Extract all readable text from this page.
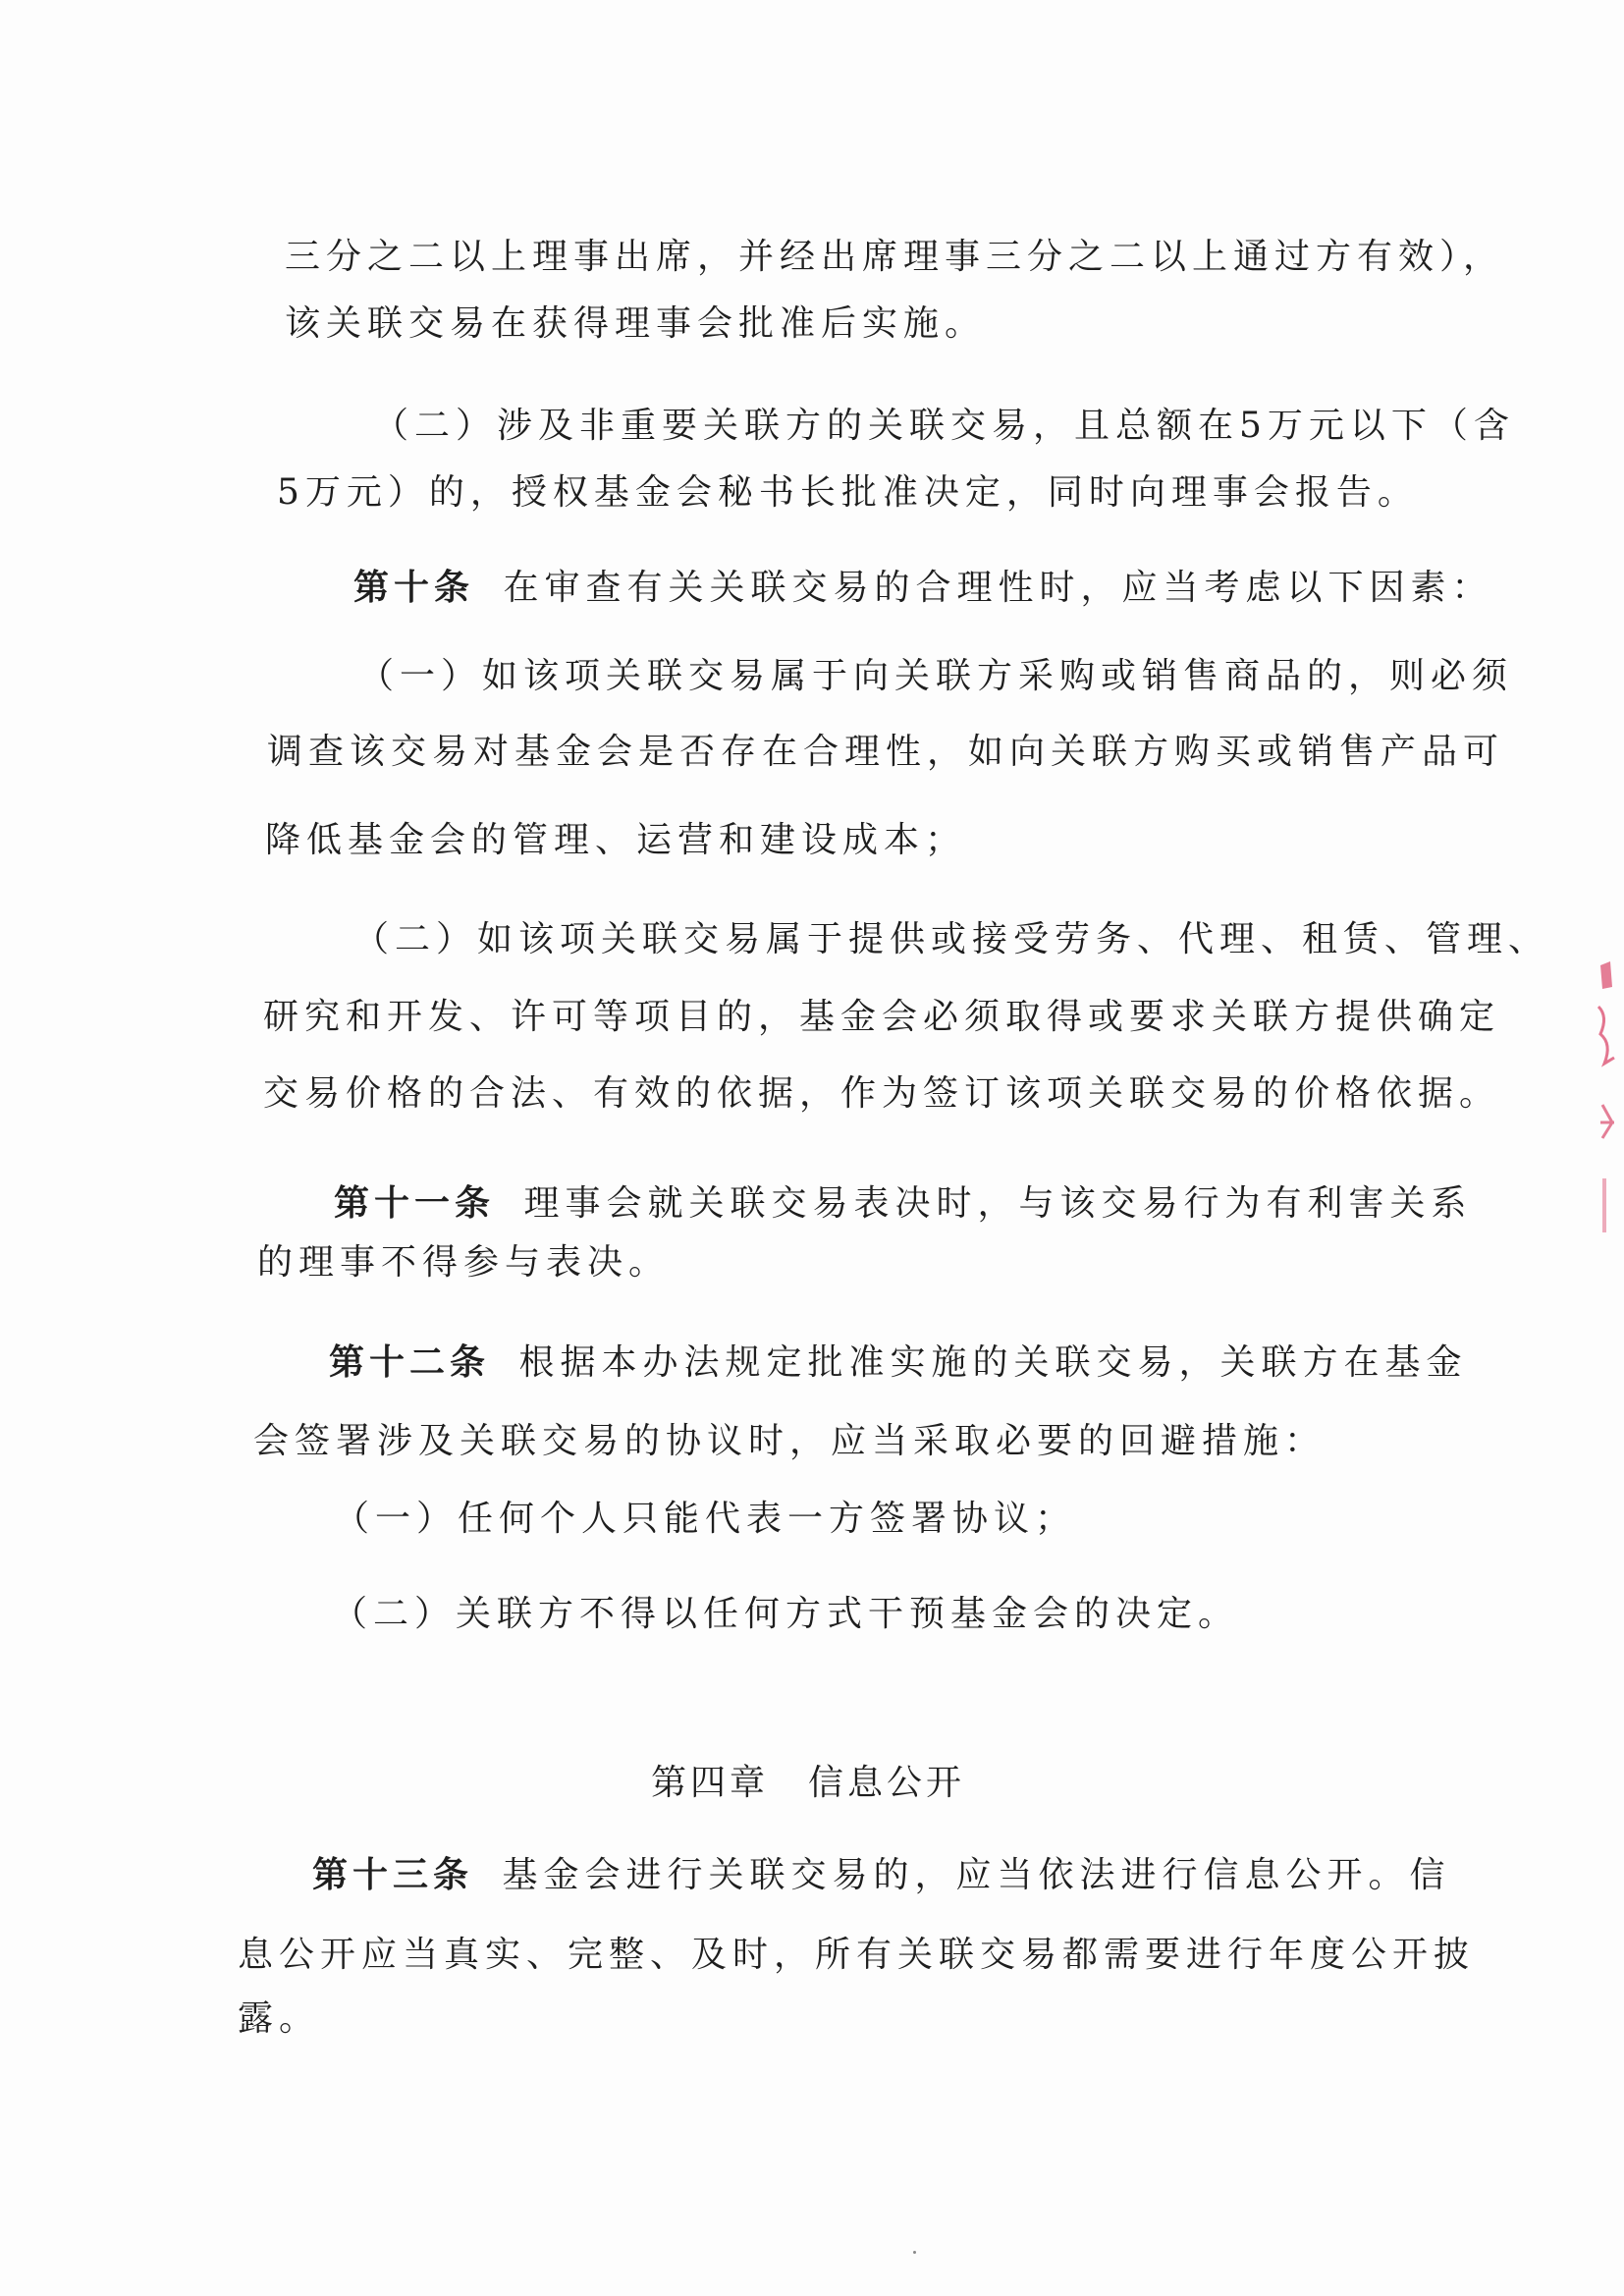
三分之二以上理事出席，并经出席理事三分之二以上通过方有效），
该关联交易在获得理事会批准后实施。
（二）涉及非重要关联方的关联交易，且总额在5万元以下（含
5万元）的，授权基金会秘书长批准决定，同时向理事会报告。
第十条 在审查有关关联交易的合理性时，应当考虑以下因素：
（一）如该项关联交易属于向关联方采购或销售商品的，则必须
调查该交易对基金会是否存在合理性，如向关联方购买或销售产品可
降低基金会的管理、运营和建设成本；
（二）如该项关联交易属于提供或接受劳务、代理、租赁、管理、
研究和开发、许可等项目的，基金会必须取得或要求关联方提供确定
交易价格的合法、有效的依据，作为签订该项关联交易的价格依据。
第十一条 理事会就关联交易表决时，与该交易行为有利害关系
的理事不得参与表决。
第十二条 根据本办法规定批准实施的关联交易，关联方在基金
会签署涉及关联交易的协议时，应当采取必要的回避措施：
（一）任何个人只能代表一方签署协议；
（二）关联方不得以任何方式干预基金会的决定。
第四章　信息公开
第十三条 基金会进行关联交易的，应当依法进行信息公开。信
息公开应当真实、完整、及时，所有关联交易都需要进行年度公开披
露。
